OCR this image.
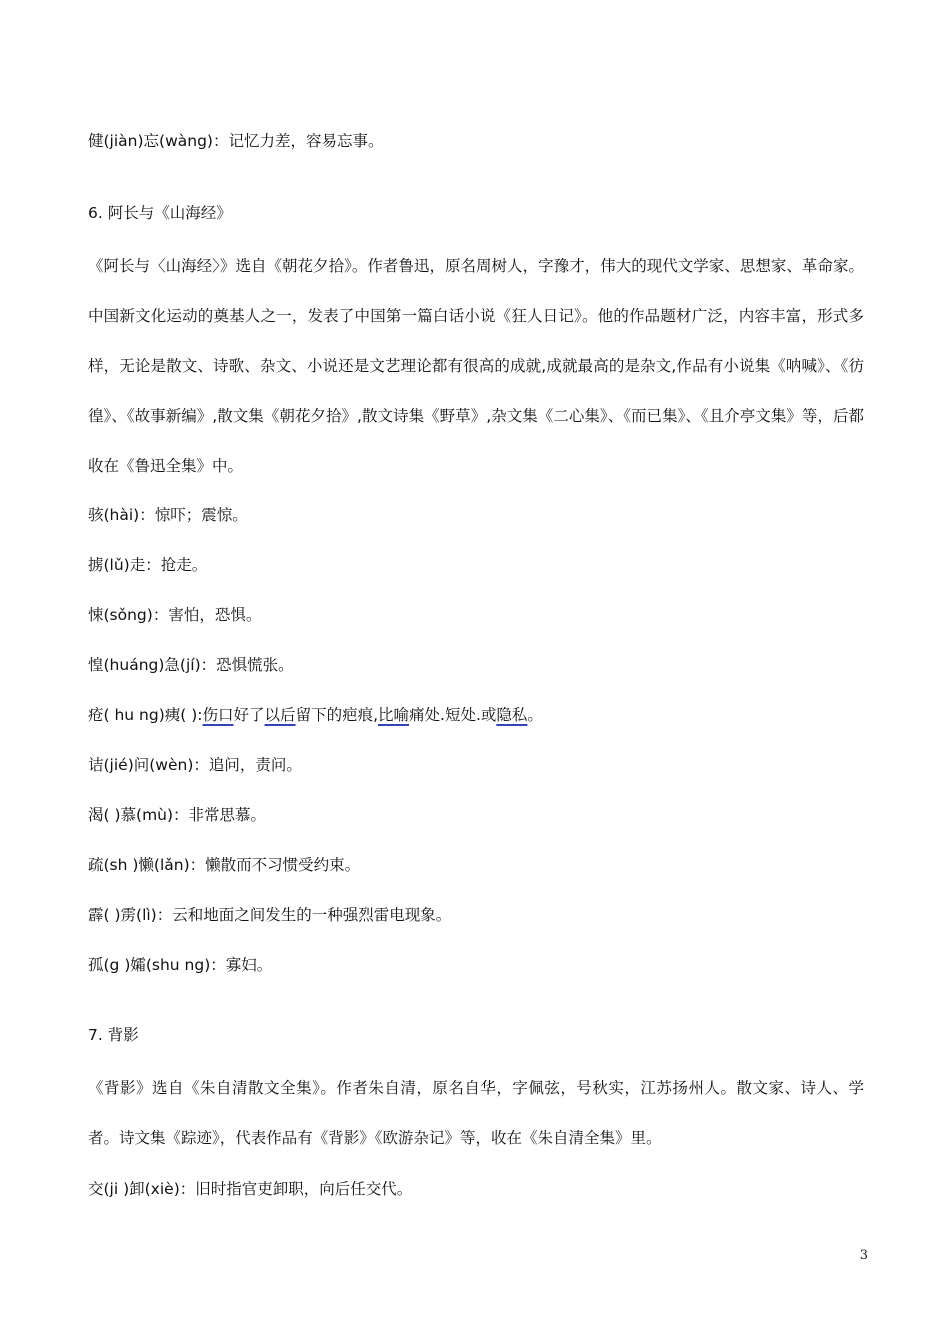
健(jiàn)忘(wàng)：记忆力差，容易忘事。
6. 阿长与《山海经》
《阿长与〈山海经〉》选自《朝花夕拾》。作者鲁迅，原名周树人，字豫才，伟大的现代文学家、思想家、革命家。中国新文化运动的奠基人之一，发表了中国第一篇白话小说《狂人日记》。他的作品题材广泛，内容丰富，形式多样，无论是散文、诗歌、杂文、小说还是文艺理论都有很高的成就,成就最高的是杂文,作品有小说集《呐喊》、《彷徨》、《故事新编》,散文集《朝花夕拾》,散文诗集《野草》,杂文集《二心集》、《而已集》、《且介亭文集》等，后都收在《鲁迅全集》中。
骇(hài)：惊吓；震惊。
掳(lǔ)走：抢走。
悚(sǒng)：害怕，恐惧。
惶(huáng)急(jí)：恐惧慌张。
疮( hu ng)痍( ):伤口好了以后留下的疤痕,比喻痛处.短处.或隐私。
诘(jié)问(wèn)：追问，责问。
渴( )慕(mù)：非常思慕。
疏(sh )懒(lǎn)：懒散而不习惯受约束。
霹( )雳(lì)：云和地面之间发生的一种强烈雷电现象。
孤(g )孀(shu ng)：寡妇。
7. 背影
《背影》选自《朱自清散文全集》。作者朱自清，原名自华，字佩弦，号秋实，江苏扬州人。散文家、诗人、学者。诗文集《踪迹》，代表作品有《背影》《欧游杂记》等，收在《朱自清全集》里。
交(ji )卸(xiè)：旧时指官吏卸职，向后任交代。
3
